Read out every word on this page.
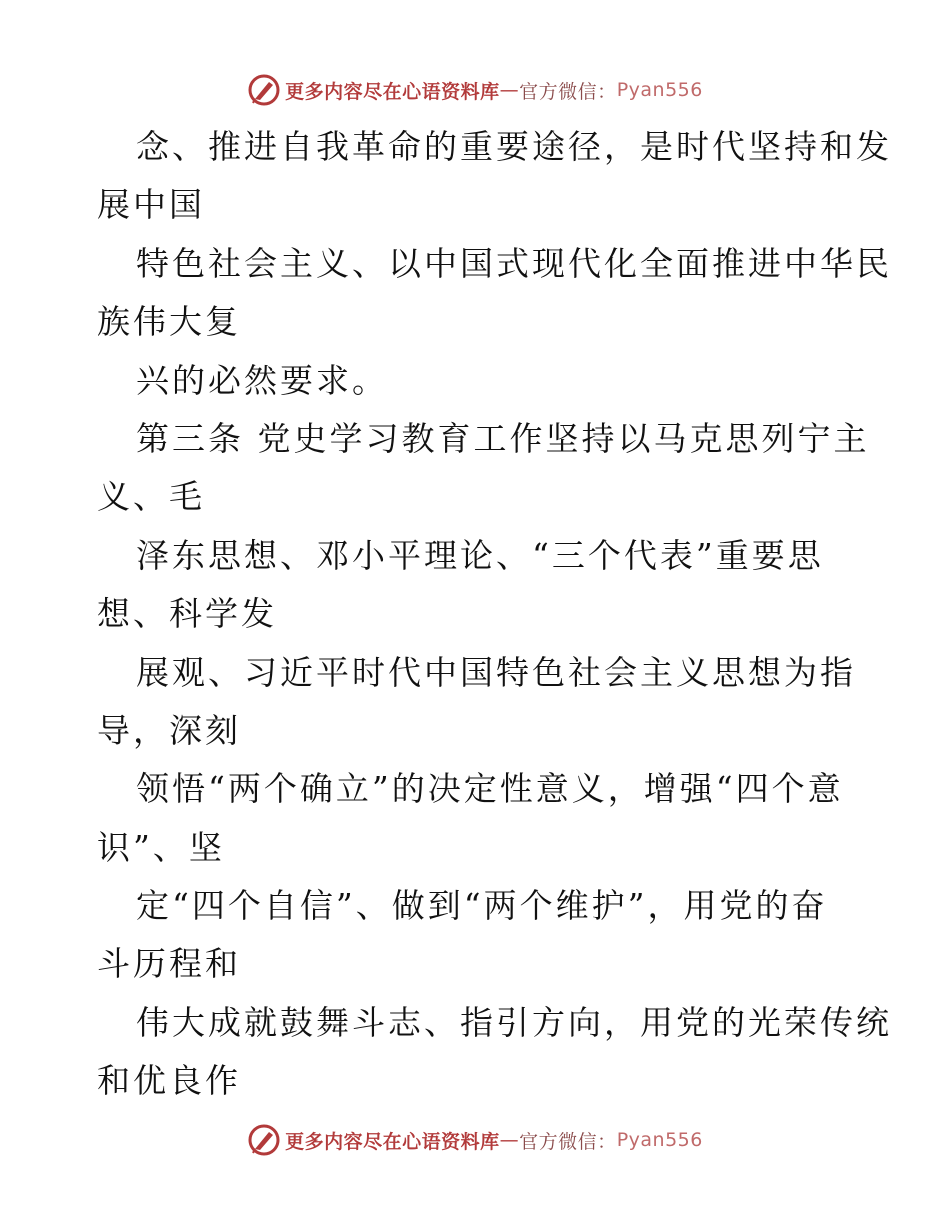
更多内容尽在心语资料库 — 官方微信： Pyan556
念、推进自我革命的重要途径，是时代坚持和发
展中国
特色社会主义、以中国式现代化全面推进中华民
族伟大复
兴的必然要求。
第三条 党史学习教育工作坚持以马克思列宁主
义、毛
泽东思想、邓小平理论、“三个代表”重要思
想、科学发
展观、习近平时代中国特色社会主义思想为指
导，深刻
领悟“两个确立”的决定性意义，增强“四个意
识”、坚
定“四个自信”、做到“两个维护”，用党的奋
斗历程和
伟大成就鼓舞斗志、指引方向，用党的光荣传统
和优良作
更多内容尽在心语资料库 — 官方微信： Pyan556
